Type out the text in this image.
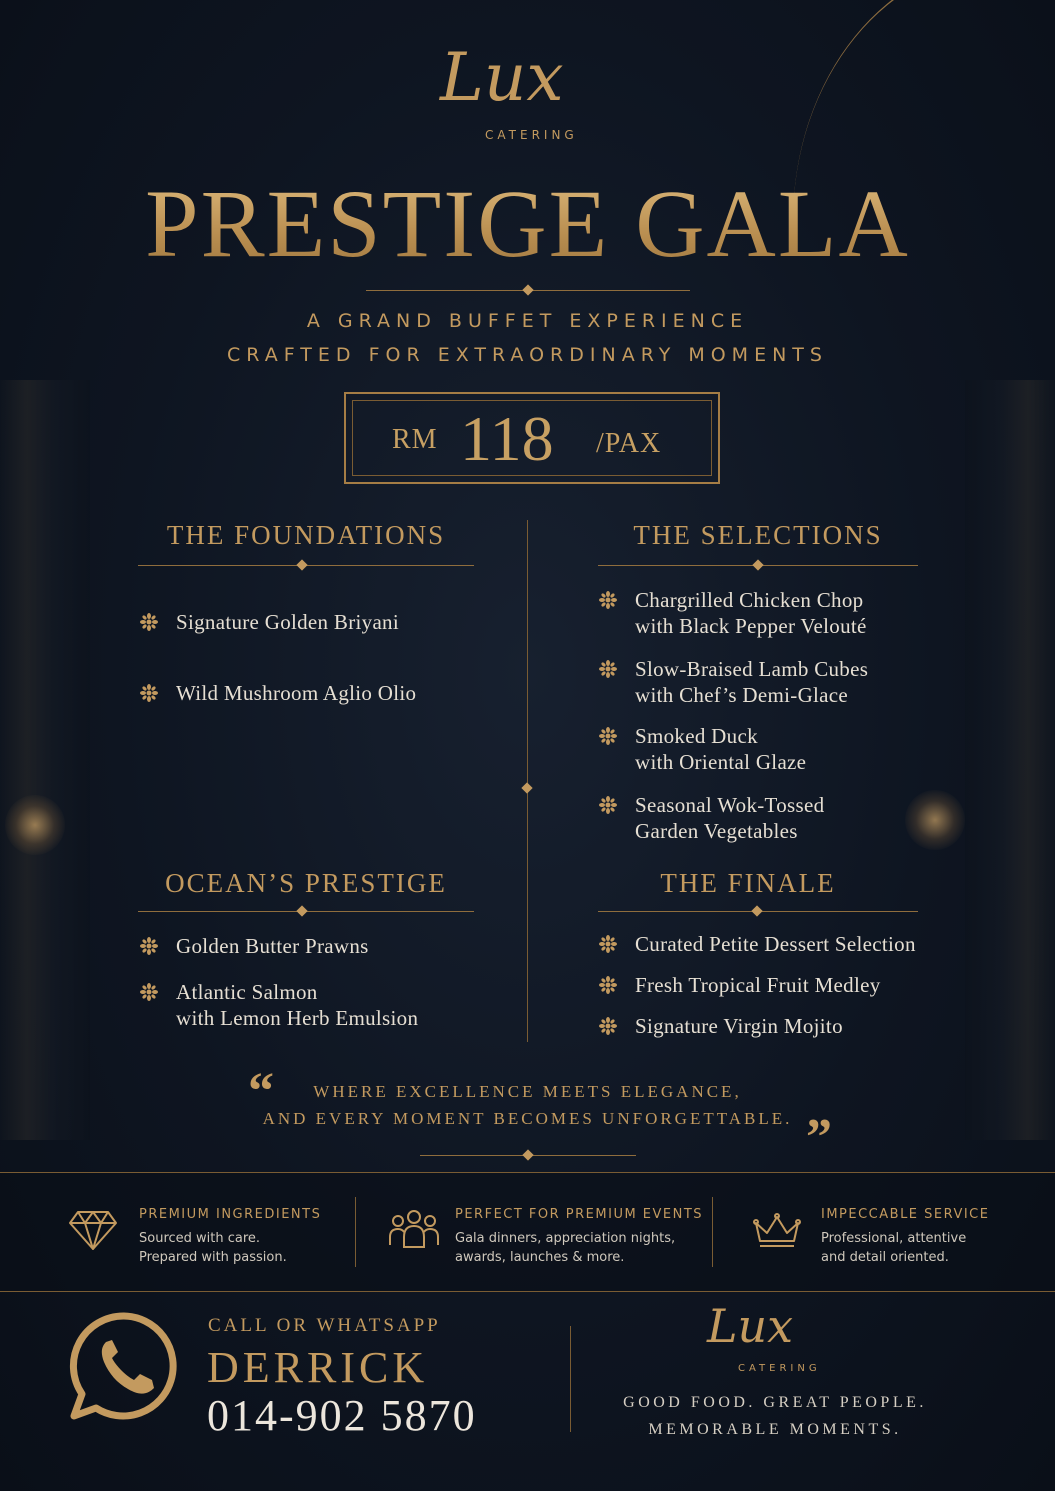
Lux
CATERING
PRESTIGE GALA
A GRAND BUFFET EXPERIENCE
CRAFTED FOR EXTRAORDINARY MOMENTS
RM 118 /PAX
THE FOUNDATIONS
Signature Golden Briyani
Wild Mushroom Aglio Olio
THE SELECTIONS
Chargrilled Chicken Chop
with Black Pepper Velouté
Slow-Braised Lamb Cubes
with Chef’s Demi-Glace
Smoked Duck
with Oriental Glaze
Seasonal Wok-Tossed
Garden Vegetables
OCEAN’S PRESTIGE
Golden Butter Prawns
Atlantic Salmon
with Lemon Herb Emulsion
THE FINALE
Curated Petite Dessert Selection
Fresh Tropical Fruit Medley
Signature Virgin Mojito
“	WHERE EXCELLENCE MEETS ELEGANCE,
AND EVERY MOMENT BECOMES UNFORGETTABLE. ”
PREMIUM INGREDIENTS
Sourced with care.
Prepared with passion.
PERFECT FOR PREMIUM EVENTS
Gala dinners, appreciation nights,
awards, launches & more.
IMPECCABLE SERVICE
Professional, attentive
and detail oriented.
CALL OR WHATSAPP
DERRICK
014-902 5870
Lux
CATERING
GOOD FOOD. GREAT PEOPLE.
MEMORABLE MOMENTS.
